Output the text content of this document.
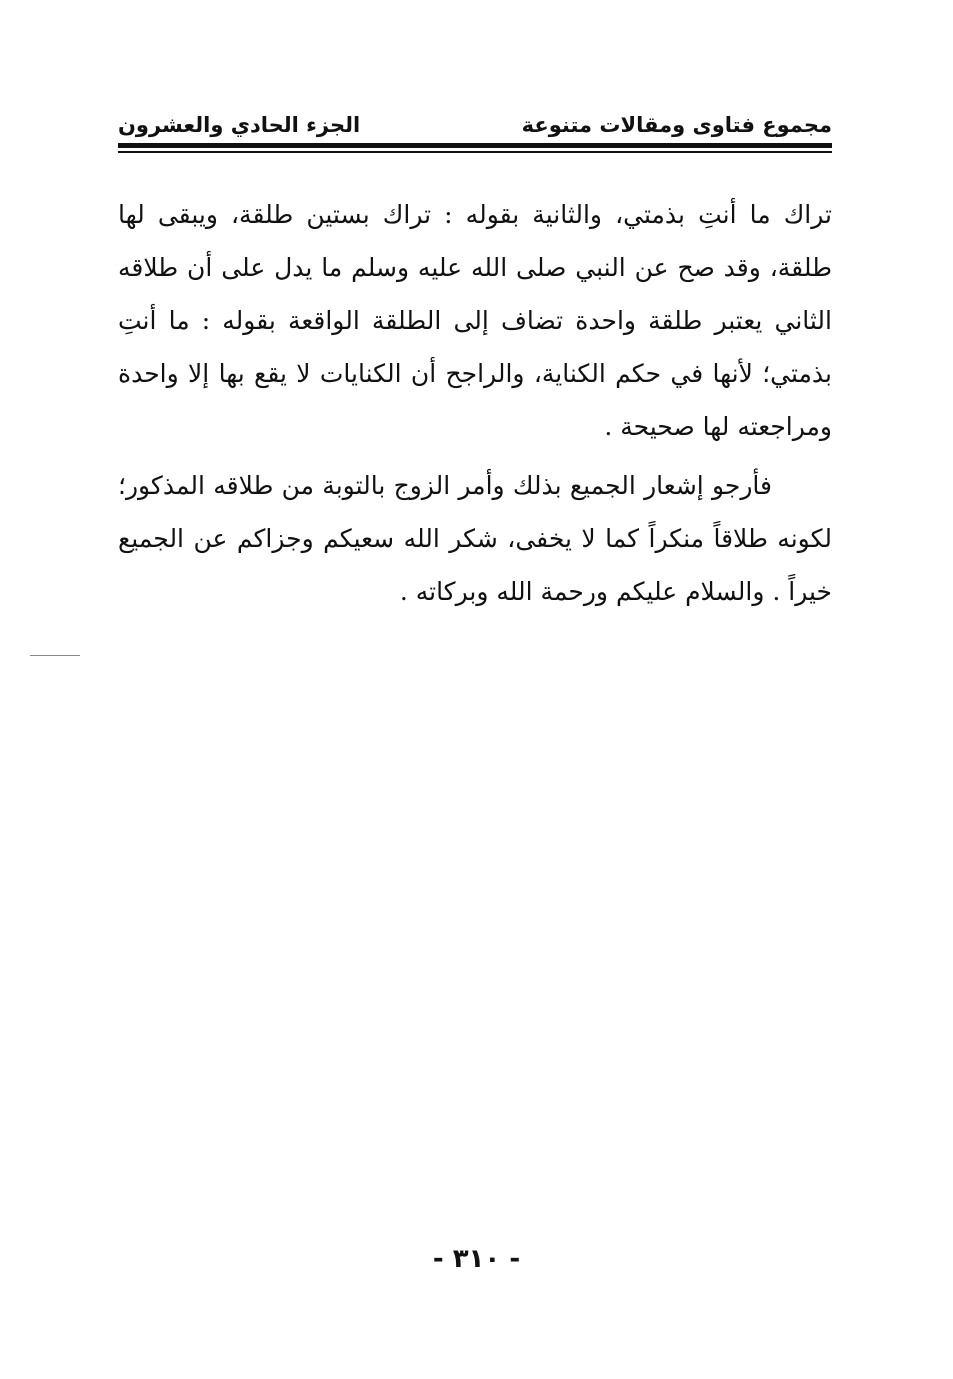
مجموع فتاوى ومقالات متنوعة
الجزء الحادي والعشرون

تراك ما أنتِ بذمتي، والثانية بقوله : تراك بستين طلقة، ويبقى لها طلقة، وقد صح عن النبي صلى الله عليه وسلم ما يدل على أن طلاقه الثاني يعتبر طلقة واحدة تضاف إلى الطلقة الواقعة بقوله : ما أنتِ بذمتي؛ لأنها في حكم الكناية، والراجح أن الكنايات لا يقع بها إلا واحدة ومراجعته لها صحيحة .

فأرجو إشعار الجميع بذلك وأمر الزوج بالتوبة من طلاقه المذكور؛ لكونه طلاقاً منكراً كما لا يخفى، شكر الله سعيكم وجزاكم عن الجميع خيراً . والسلام عليكم ورحمة الله وبركاته .

- ٣١٠ -
